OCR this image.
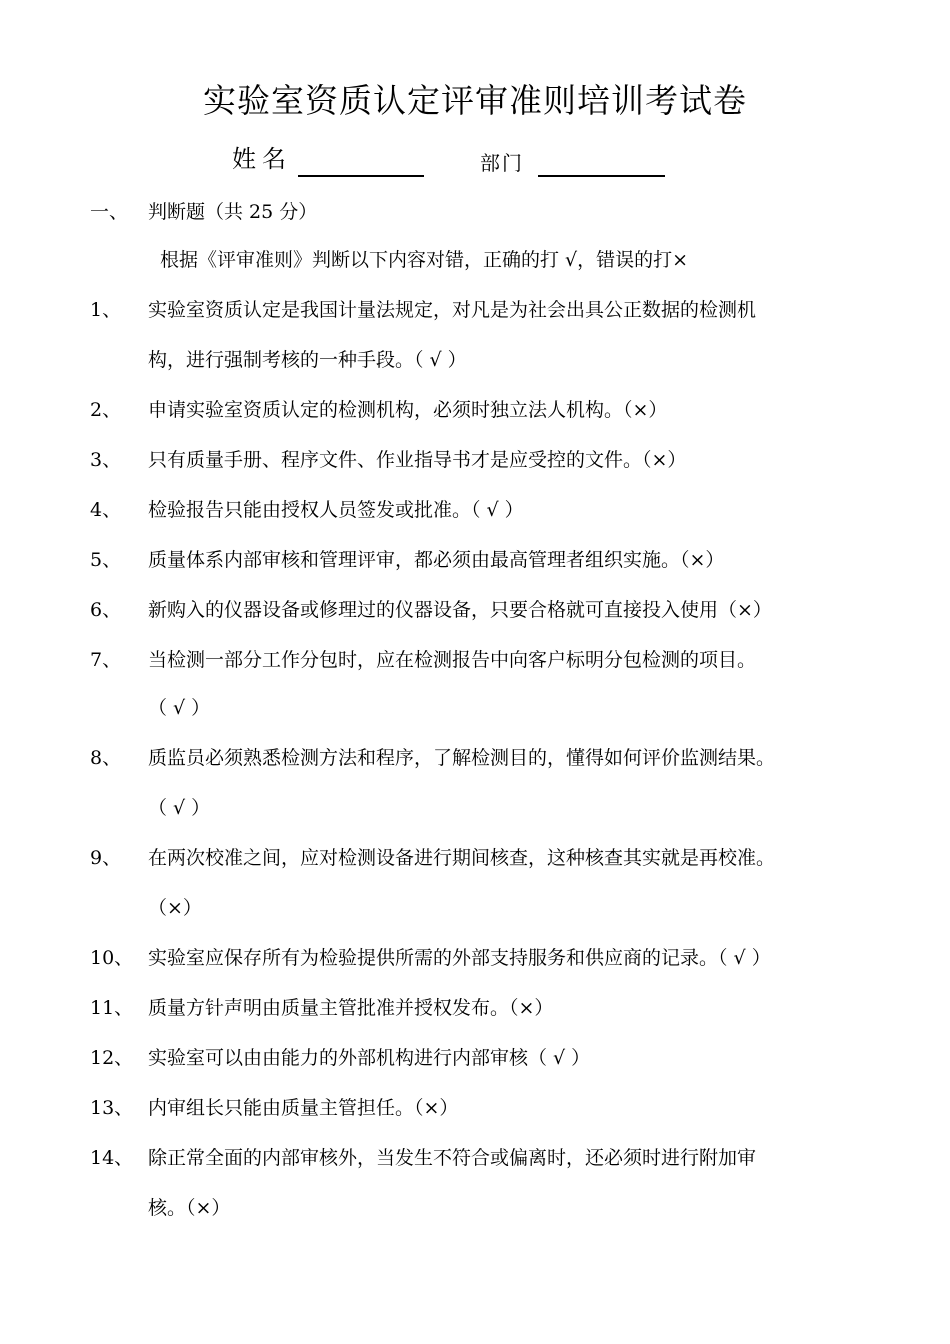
实验室资质认定评审准则培训考试卷
姓名	部门
一、 判断题（共 25 分）
根据《评审准则》判断以下内容对错，正确的打 √，错误的打×
1、 实验室资质认定是我国计量法规定，对凡是为社会出具公正数据的检测机
构，进行强制考核的一种手段。（ √ ）
2、 申请实验室资质认定的检测机构，必须时独立法人机构。（×）
3、 只有质量手册、程序文件、作业指导书才是应受控的文件。（×）
4、 检验报告只能由授权人员签发或批准。（ √ ）
5、 质量体系内部审核和管理评审，都必须由最高管理者组织实施。（×）
6、 新购入的仪器设备或修理过的仪器设备，只要合格就可直接投入使用（×）
7、 当检测一部分工作分包时，应在检测报告中向客户标明分包检测的项目。
（ √ ）
8、 质监员必须熟悉检测方法和程序，了解检测目的，懂得如何评价监测结果。
（ √ ）
9、 在两次校准之间，应对检测设备进行期间核查，这种核查其实就是再校准。
（×）
10、 实验室应保存所有为检验提供所需的外部支持服务和供应商的记录。（ √ ）
11、 质量方针声明由质量主管批准并授权发布。（×）
12、 实验室可以由由能力的外部机构进行内部审核（ √ ）
13、 内审组长只能由质量主管担任。（×）
14、 除正常全面的内部审核外，当发生不符合或偏离时，还必须时进行附加审
核。（×）
